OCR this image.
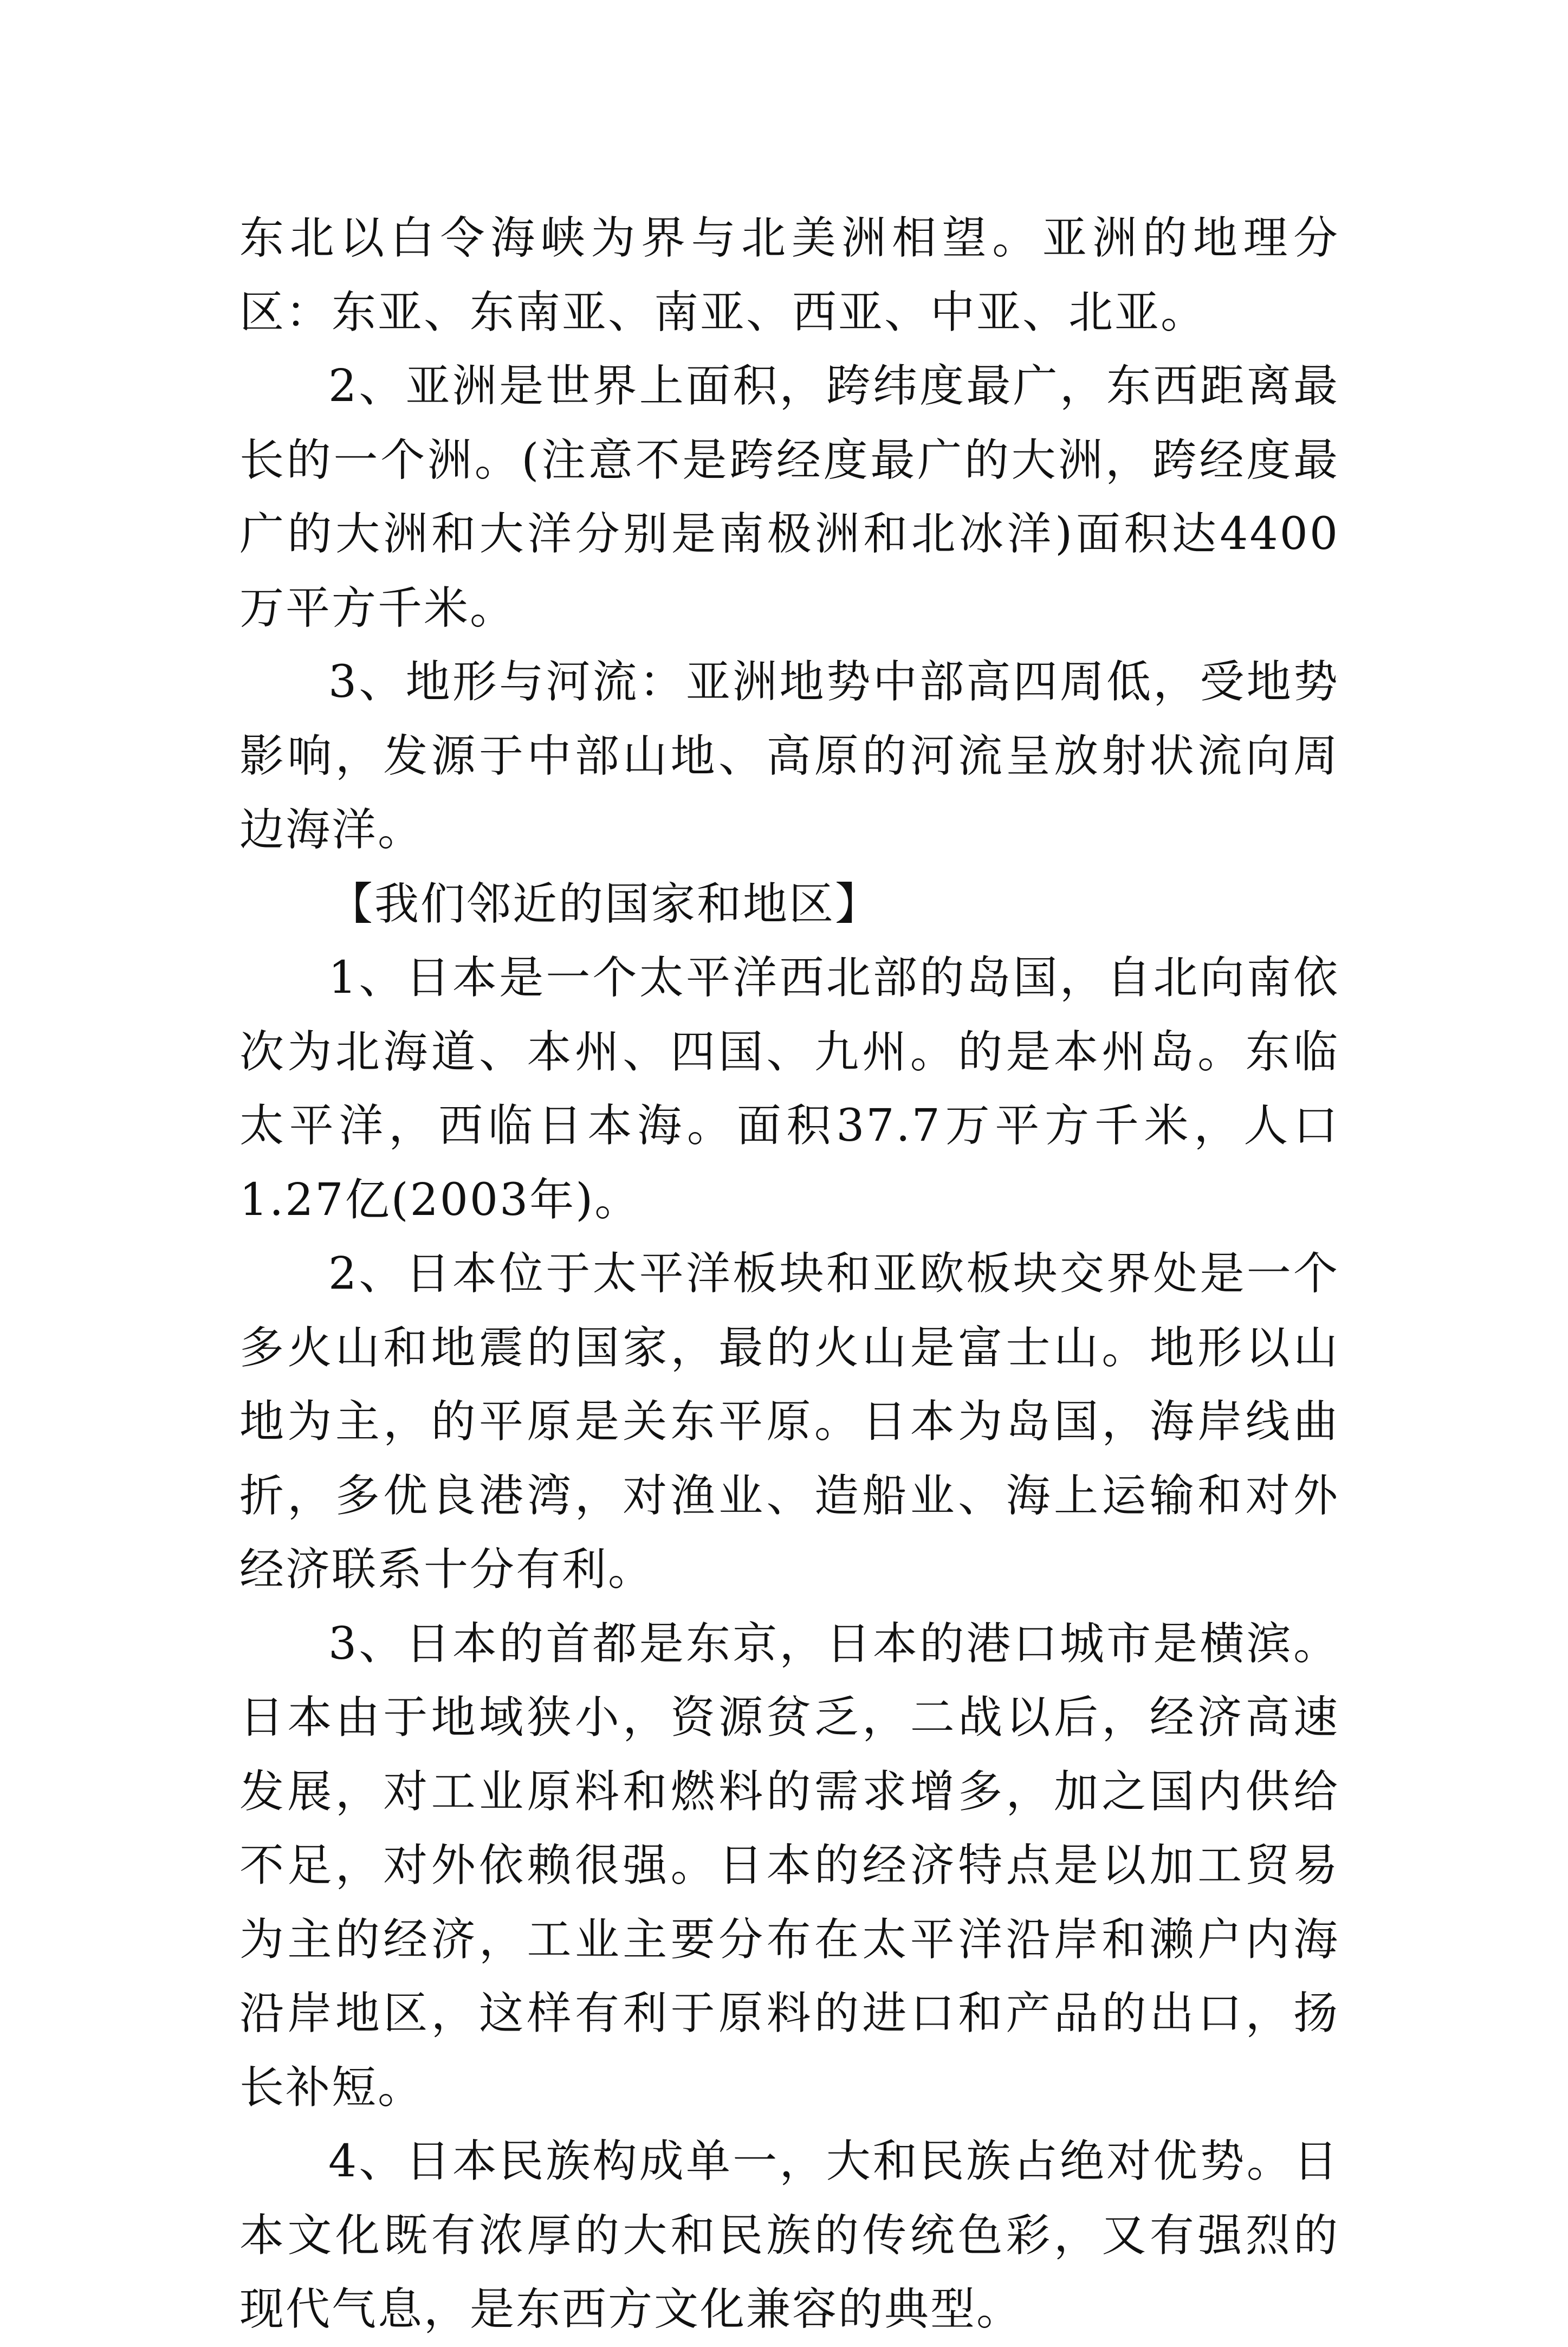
东北以白令海峡为界与北美洲相望。亚洲的地理分区：东亚、东南亚、南亚、西亚、中亚、北亚。

2、亚洲是世界上面积，跨纬度最广，东西距离最长的一个洲。(注意不是跨经度最广的大洲，跨经度最广的大洲和大洋分别是南极洲和北冰洋)面积达4400万平方千米。

3、地形与河流：亚洲地势中部高四周低，受地势影响，发源于中部山地、高原的河流呈放射状流向周边海洋。

【我们邻近的国家和地区】

1、日本是一个太平洋西北部的岛国，自北向南依次为北海道、本州、四国、九州。的是本州岛。东临太平洋，西临日本海。面积37.7万平方千米，人口1.27亿(2003年)。

2、日本位于太平洋板块和亚欧板块交界处是一个多火山和地震的国家，最的火山是富士山。地形以山地为主，的平原是关东平原。日本为岛国，海岸线曲折，多优良港湾，对渔业、造船业、海上运输和对外经济联系十分有利。

3、日本的首都是东京，日本的港口城市是横滨。日本由于地域狭小，资源贫乏，二战以后，经济高速发展，对工业原料和燃料的需求增多，加之国内供给不足，对外依赖很强。日本的经济特点是以加工贸易为主的经济，工业主要分布在太平洋沿岸和濑户内海沿岸地区，这样有利于原料的进口和产品的出口，扬长补短。

4、日本民族构成单一，大和民族占绝对优势。日本文化既有浓厚的大和民族的传统色彩，又有强烈的现代气息，是东西方文化兼容的典型。
